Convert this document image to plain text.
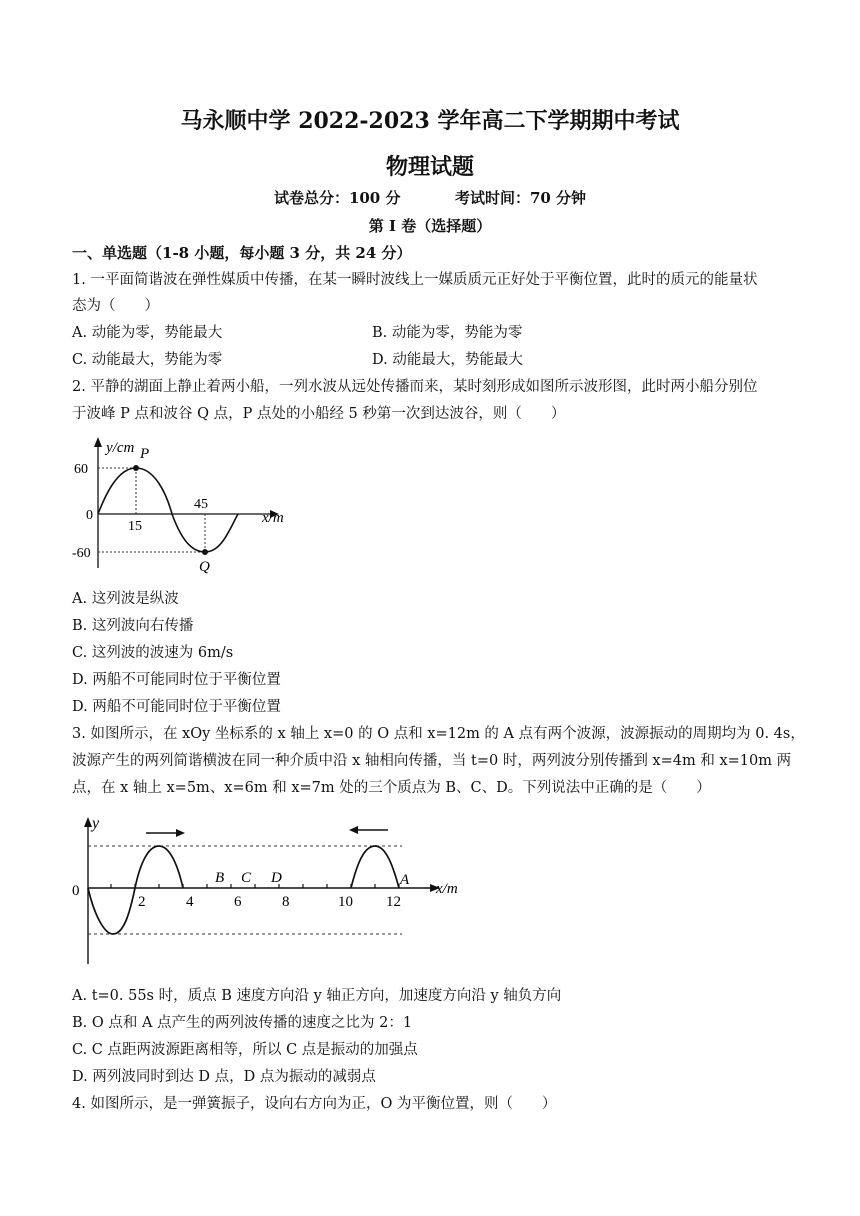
马永顺中学 2022-2023 学年高二下学期期中考试
物理试题
试卷总分：100 分	考试时间：70 分钟
第 I 卷（选择题）
一、单选题（1-8 小题，每小题 3 分，共 24 分）
1. 一平面简谐波在弹性媒质中传播，在某一瞬时波线上一媒质质元正好处于平衡位置，此时的质元的能量状
态为（　　）
A. 动能为零，势能最大	B. 动能为零，势能为零
C. 动能最大，势能为零	D. 动能最大，势能最大
2. 平静的湖面上静止着两小船，一列水波从远处传播而来，某时刻形成如图所示波形图，此时两小船分别位
于波峰 P 点和波谷 Q 点，P 点处的小船经 5 秒第一次到达波谷，则（　　）
y/cm
60
0
-60
15
45
x/m
P
Q
A. 这列波是纵波
B. 这列波向右传播
C. 这列波的波速为 6m/s
D. 两船不可能同时位于平衡位置
D. 两船不可能同时位于平衡位置
3. 如图所示，在 xOy 坐标系的 x 轴上 x=0 的 O 点和 x=12m 的 A 点有两个波源，波源振动的周期均为 0. 4s，
波源产生的两列简谐横波在同一种介质中沿 x 轴相向传播，当 t=0 时，两列波分别传播到 x=4m 和 x=10m 两
点，在 x 轴上 x=5m、x=6m 和 x=7m 处的三个质点为 B、C、D。下列说法中正确的是（　　）
y
0
2	4	6	8	10 12
B C D	A
x/m
A. t=0. 55s 时，质点 B 速度方向沿 y 轴正方向，加速度方向沿 y 轴负方向
B. O 点和 A 点产生的两列波传播的速度之比为 2：1
C. C 点距两波源距离相等，所以 C 点是振动的加强点
D. 两列波同时到达 D 点，D 点为振动的减弱点
4. 如图所示，是一弹簧振子，设向右方向为正，O 为平衡位置，则（　　）
